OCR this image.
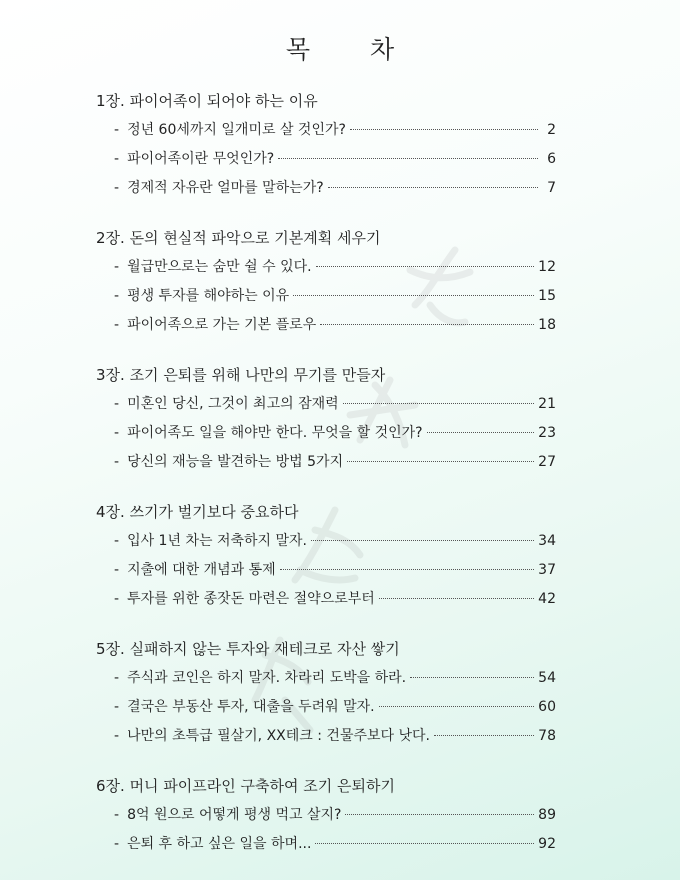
목 차
1장. 파이어족이 되어야 하는 이유
- 정년 60세까지 일개미로 살 것인가?	2
- 파이어족이란 무엇인가?	6
- 경제적 자유란 얼마를 말하는가?	7
2장. 돈의 현실적 파악으로 기본계획 세우기
- 월급만으로는 숨만 쉴 수 있다.	12
- 평생 투자를 해야하는 이유	15
- 파이어족으로 가는 기본 플로우	18
3장. 조기 은퇴를 위해 나만의 무기를 만들자
- 미혼인 당신, 그것이 최고의 잠재력	21
- 파이어족도 일을 해야만 한다. 무엇을 할 것인가?	23
- 당신의 재능을 발견하는 방법 5가지	27
4장. 쓰기가 벌기보다 중요하다
- 입사 1년 차는 저축하지 말자.	34
- 지출에 대한 개념과 통제	37
- 투자를 위한 종잣돈 마련은 절약으로부터	42
5장. 실패하지 않는 투자와 재테크로 자산 쌓기
- 주식과 코인은 하지 말자. 차라리 도박을 하라.	54
- 결국은 부동산 투자, 대출을 두려워 말자.	60
- 나만의 초특급 필살기, XX테크 : 건물주보다 낫다.	78
6장. 머니 파이프라인 구축하여 조기 은퇴하기
- 8억 원으로 어떻게 평생 먹고 살지?	89
- 은퇴 후 하고 싶은 일을 하며...	92
